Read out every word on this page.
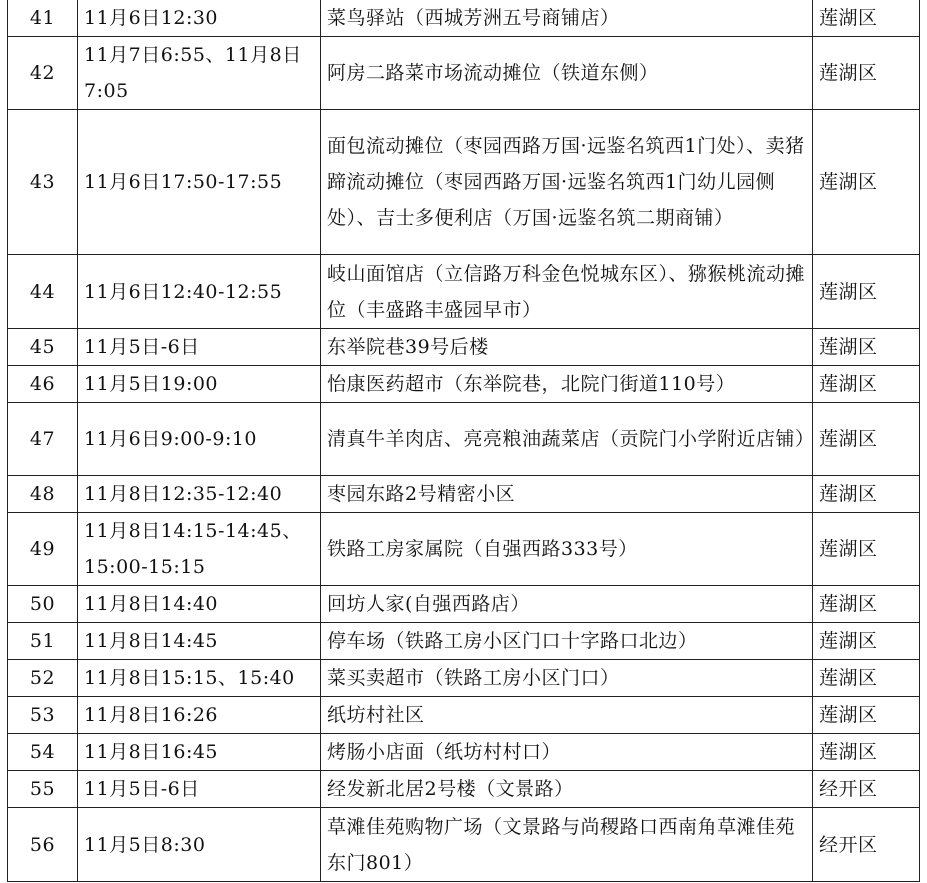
41	11月6日12:30	菜鸟驿站（西城芳洲五号商铺店）	莲湖区
42	11月7日6:55、11月8日7:05	阿房二路菜市场流动摊位（铁道东侧）	莲湖区
43	11月6日17:50-17:55	面包流动摊位（枣园西路万国·远鉴名筑西1门处）、卖猪蹄流动摊位（枣园西路万国·远鉴名筑西1门幼儿园侧处）、吉士多便利店（万国·远鉴名筑二期商铺）	莲湖区
44	11月6日12:40-12:55	岐山面馆店（立信路万科金色悦城东区）、猕猴桃流动摊位（丰盛路丰盛园早市）	莲湖区
45	11月5日-6日	东举院巷39号后楼	莲湖区
46	11月5日19:00	怡康医药超市（东举院巷，北院门街道110号）	莲湖区
47	11月6日9:00-9:10	清真牛羊肉店、亮亮粮油蔬菜店（贡院门小学附近店铺）	莲湖区
48	11月8日12:35-12:40	枣园东路2号精密小区	莲湖区
49	11月8日14:15-14:45、15:00-15:15	铁路工房家属院（自强西路333号）	莲湖区
50	11月8日14:40	回坊人家(自强西路店）	莲湖区
51	11月8日14:45	停车场（铁路工房小区门口十字路口北边）	莲湖区
52	11月8日15:15、15:40	菜买卖超市（铁路工房小区门口）	莲湖区
53	11月8日16:26	纸坊村社区	莲湖区
54	11月8日16:45	烤肠小店面（纸坊村村口）	莲湖区
55	11月5日-6日	经发新北居2号楼（文景路）	经开区
56	11月5日8:30	草滩佳苑购物广场（文景路与尚稷路口西南角草滩佳苑东门801）	经开区
